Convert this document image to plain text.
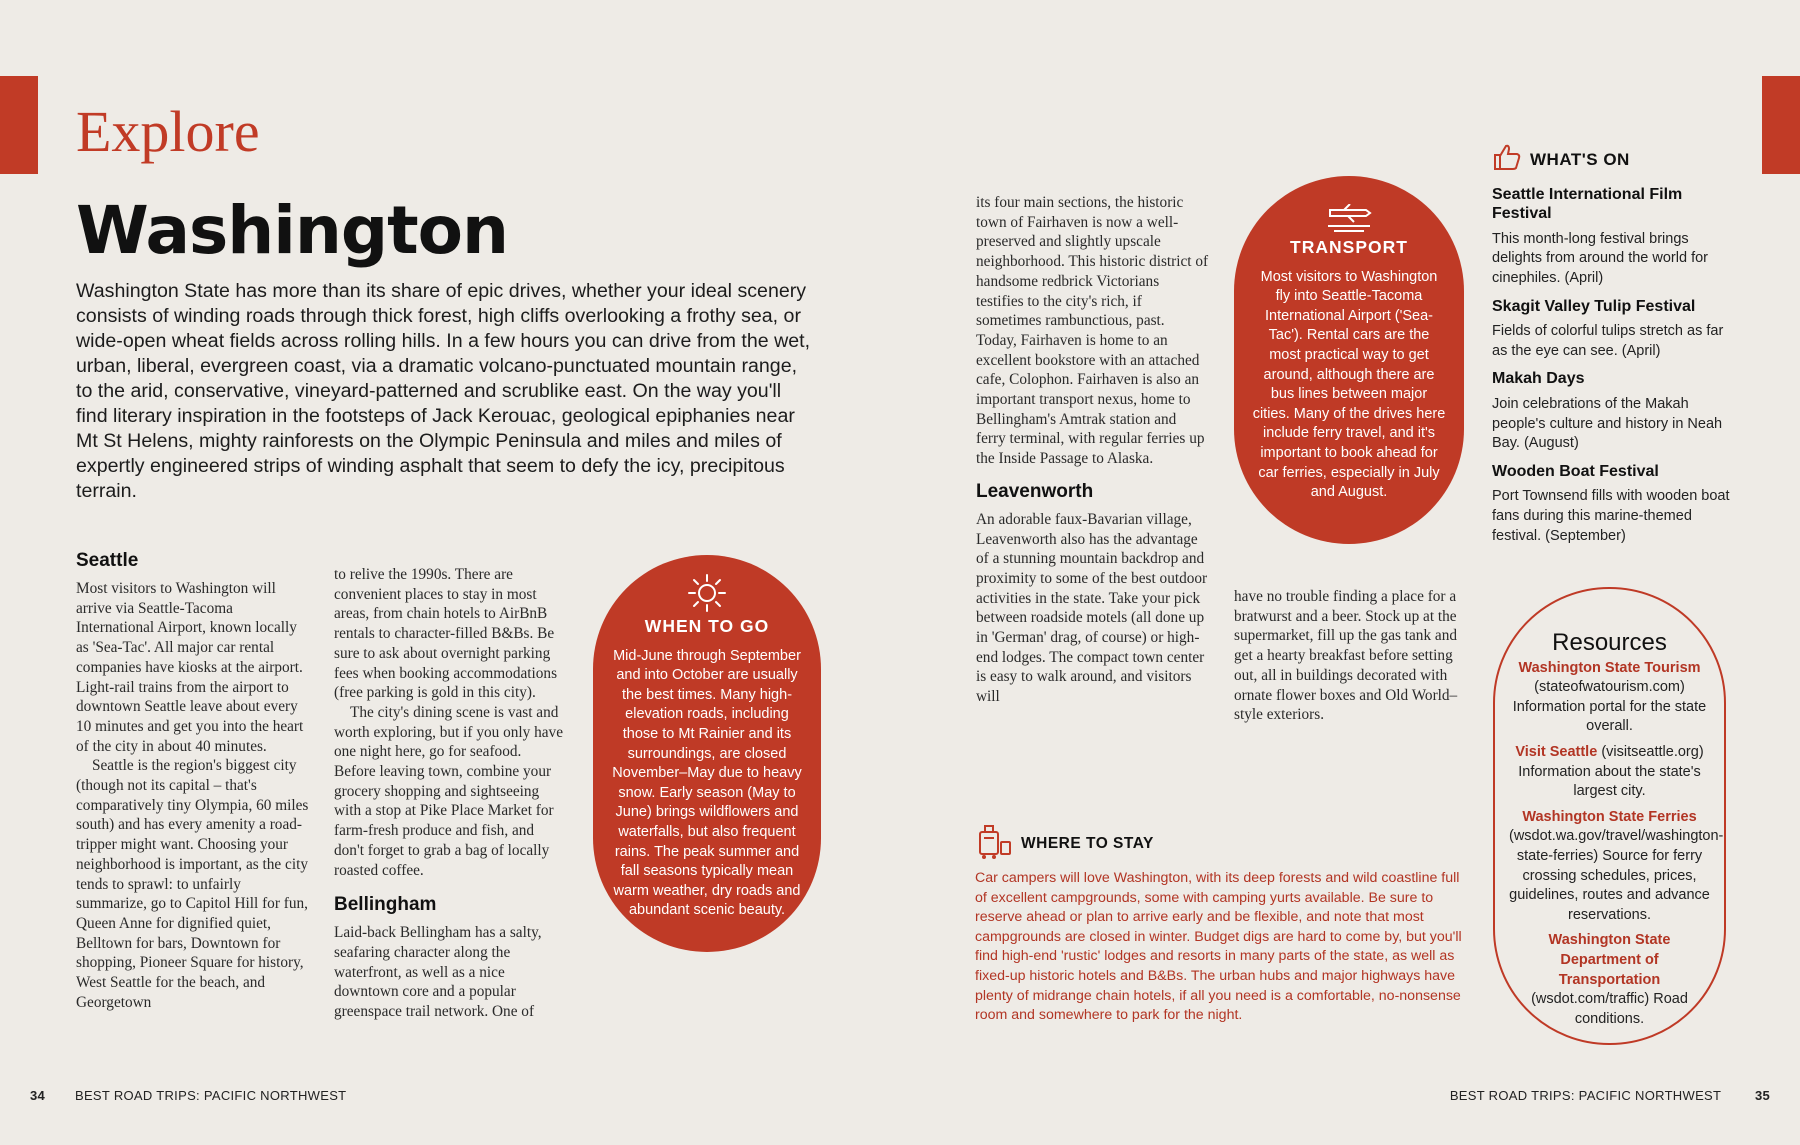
Explore
Washington

Washington State has more than its share of epic drives, whether your ideal scenery consists of winding roads through thick forest, high cliffs overlooking a frothy sea, or wide-open wheat fields across rolling hills. In a few hours you can drive from the wet, urban, liberal, evergreen coast, via a dramatic volcano-punctuated mountain range, to the arid, conservative, vineyard-patterned and scrublike east. On the way you'll find literary inspiration in the footsteps of Jack Kerouac, geological epiphanies near Mt St Helens, mighty rainforests on the Olympic Peninsula and miles and miles of expertly engineered strips of winding asphalt that seem to defy the icy, precipitous terrain.

Seattle

Most visitors to Washington will arrive via Seattle-Tacoma International Airport, known locally as 'Sea-Tac'. All major car rental companies have kiosks at the airport. Light-rail trains from the airport to downtown Seattle leave about every 10 minutes and get you into the heart of the city in about 40 minutes.

Seattle is the region's biggest city (though not its capital – that's comparatively tiny Olympia, 60 miles south) and has every amenity a road-tripper might want. Choosing your neighborhood is important, as the city tends to sprawl: to unfairly summarize, go to Capitol Hill for fun, Queen Anne for dignified quiet, Belltown for bars, Downtown for shopping, Pioneer Square for history, West Seattle for the beach, and Georgetown

to relive the 1990s. There are convenient places to stay in most areas, from chain hotels to AirBnB rentals to character-filled B&Bs. Be sure to ask about overnight parking fees when booking accommodations (free parking is gold in this city).

The city's dining scene is vast and worth exploring, but if you only have one night here, go for seafood. Before leaving town, combine your grocery shopping and sightseeing with a stop at Pike Place Market for farm-fresh produce and fish, and don't forget to grab a bag of locally roasted coffee.

Bellingham

Laid-back Bellingham has a salty, seafaring character along the waterfront, as well as a nice downtown core and a popular greenspace trail network. One of

WHEN TO GO
Mid-June through September and into October are usually the best times. Many high-elevation roads, including those to Mt Rainier and its surroundings, are closed November–May due to heavy snow. Early season (May to June) brings wildflowers and waterfalls, but also frequent rains. The peak summer and fall seasons typically mean warm weather, dry roads and abundant scenic beauty.

its four main sections, the historic town of Fairhaven is now a well-preserved and slightly upscale neighborhood. This historic district of handsome redbrick Victorians testifies to the city's rich, if sometimes rambunctious, past. Today, Fairhaven is home to an excellent bookstore with an attached cafe, Colophon. Fairhaven is also an important transport nexus, home to Bellingham's Amtrak station and ferry terminal, with regular ferries up the Inside Passage to Alaska.

Leavenworth

An adorable faux-Bavarian village, Leavenworth also has the advantage of a stunning mountain backdrop and proximity to some of the best outdoor activities in the state. Take your pick between roadside motels (all done up in 'German' drag, of course) or high-end lodges. The compact town center is easy to walk around, and visitors will

have no trouble finding a place for a bratwurst and a beer. Stock up at the supermarket, fill up the gas tank and get a hearty breakfast before setting out, all in buildings decorated with ornate flower boxes and Old World–style exteriors.

TRANSPORT
Most visitors to Washington fly into Seattle-Tacoma International Airport ('Sea-Tac'). Rental cars are the most practical way to get around, although there are bus lines between major cities. Many of the drives here include ferry travel, and it's important to book ahead for car ferries, especially in July and August.
WHAT'S ON
Seattle International Film Festival
This month-long festival brings delights from around the world for cinephiles. (April)
Skagit Valley Tulip Festival
Fields of colorful tulips stretch as far as the eye can see. (April)
Makah Days
Join celebrations of the Makah people's culture and history in Neah Bay. (August)
Wooden Boat Festival
Port Townsend fills with wooden boat fans during this marine-themed festival. (September)
WHERE TO STAY
Car campers will love Washington, with its deep forests and wild coastline full of excellent campgrounds, some with camping yurts available. Be sure to reserve ahead or plan to arrive early and be flexible, and note that most campgrounds are closed in winter. Budget digs are hard to come by, but you'll find high-end 'rustic' lodges and resorts in many parts of the state, as well as fixed-up historic hotels and B&Bs. The urban hubs and major highways have plenty of midrange chain hotels, if all you need is a comfortable, no-nonsense room and somewhere to park for the night.
Resources
Washington State Tourism (stateofwatourism.com) Information portal for the state overall.
Visit Seattle (visitseattle.org) Information about the state's largest city.
Washington State Ferries (wsdot.wa.gov/travel/washington-state-ferries) Source for ferry crossing schedules, prices, guidelines, routes and advance reservations.
Washington State Department of Transportation (wsdot.com/traffic) Road conditions.
34 BEST ROAD TRIPS: PACIFIC NORTHWEST	BEST ROAD TRIPS: PACIFIC NORTHWEST	35
